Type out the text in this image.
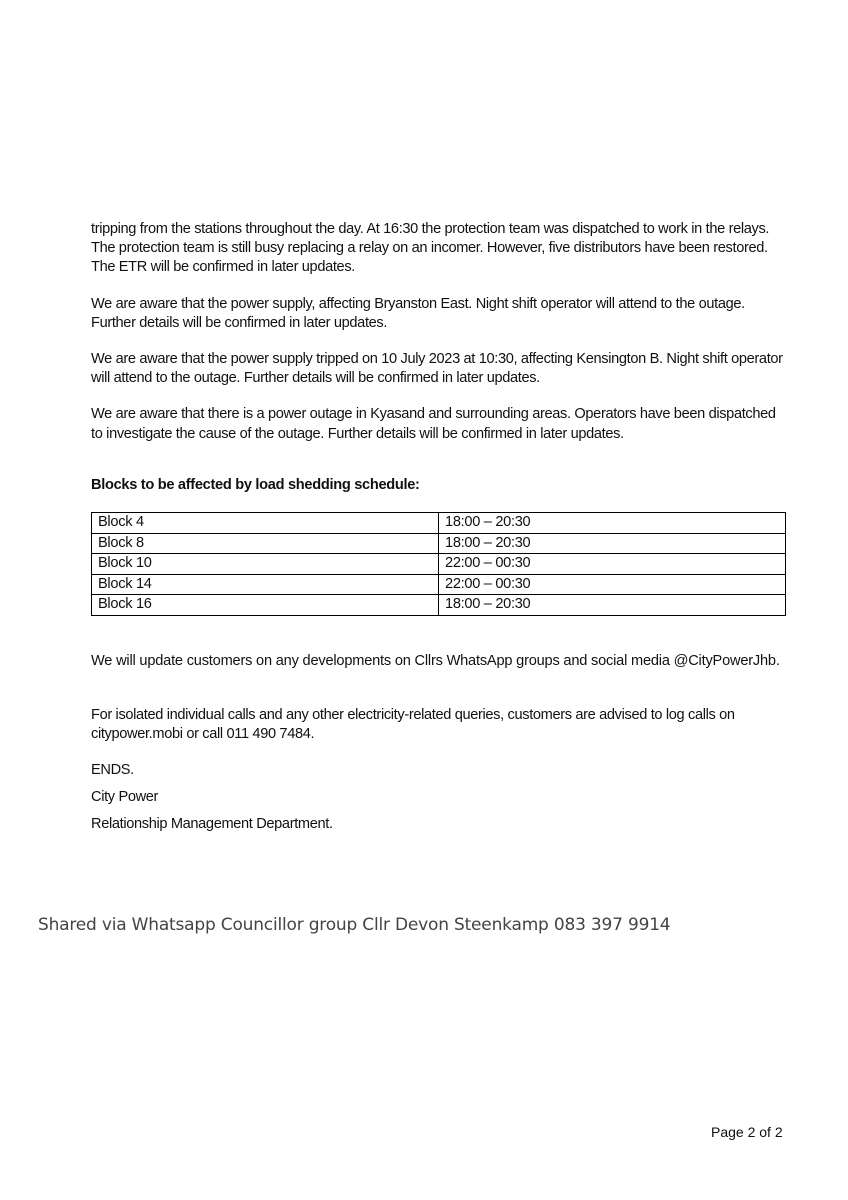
tripping from the stations throughout the day. At 16:30 the protection team was dispatched to work in the relays. The protection team is still busy replacing a relay on an incomer. However, five distributors have been restored. The ETR will be confirmed in later updates.

We are aware that the power supply, affecting Bryanston East. Night shift operator will attend to the outage. Further details will be confirmed in later updates.

We are aware that the power supply tripped on 10 July 2023 at 10:30, affecting Kensington B. Night shift operator will attend to the outage. Further details will be confirmed in later updates.

We are aware that there is a power outage in Kyasand and surrounding areas. Operators have been dispatched to investigate the cause of the outage. Further details will be confirmed in later updates.

Blocks to be affected by load shedding schedule:
Block 4	18:00 – 20:30
Block 8	18:00 – 20:30
Block 10	22:00 – 00:30
Block 14	22:00 – 00:30
Block 16	18:00 – 20:30

We will update customers on any developments on Cllrs WhatsApp groups and social media @CityPowerJhb.

For isolated individual calls and any other electricity-related queries, customers are advised to log calls on citypower.mobi or call 011 490 7484.

ENDS.

City Power

Relationship Management Department.

Shared via Whatsapp Councillor group Cllr Devon Steenkamp 083 397 9914
Page 2 of 2
